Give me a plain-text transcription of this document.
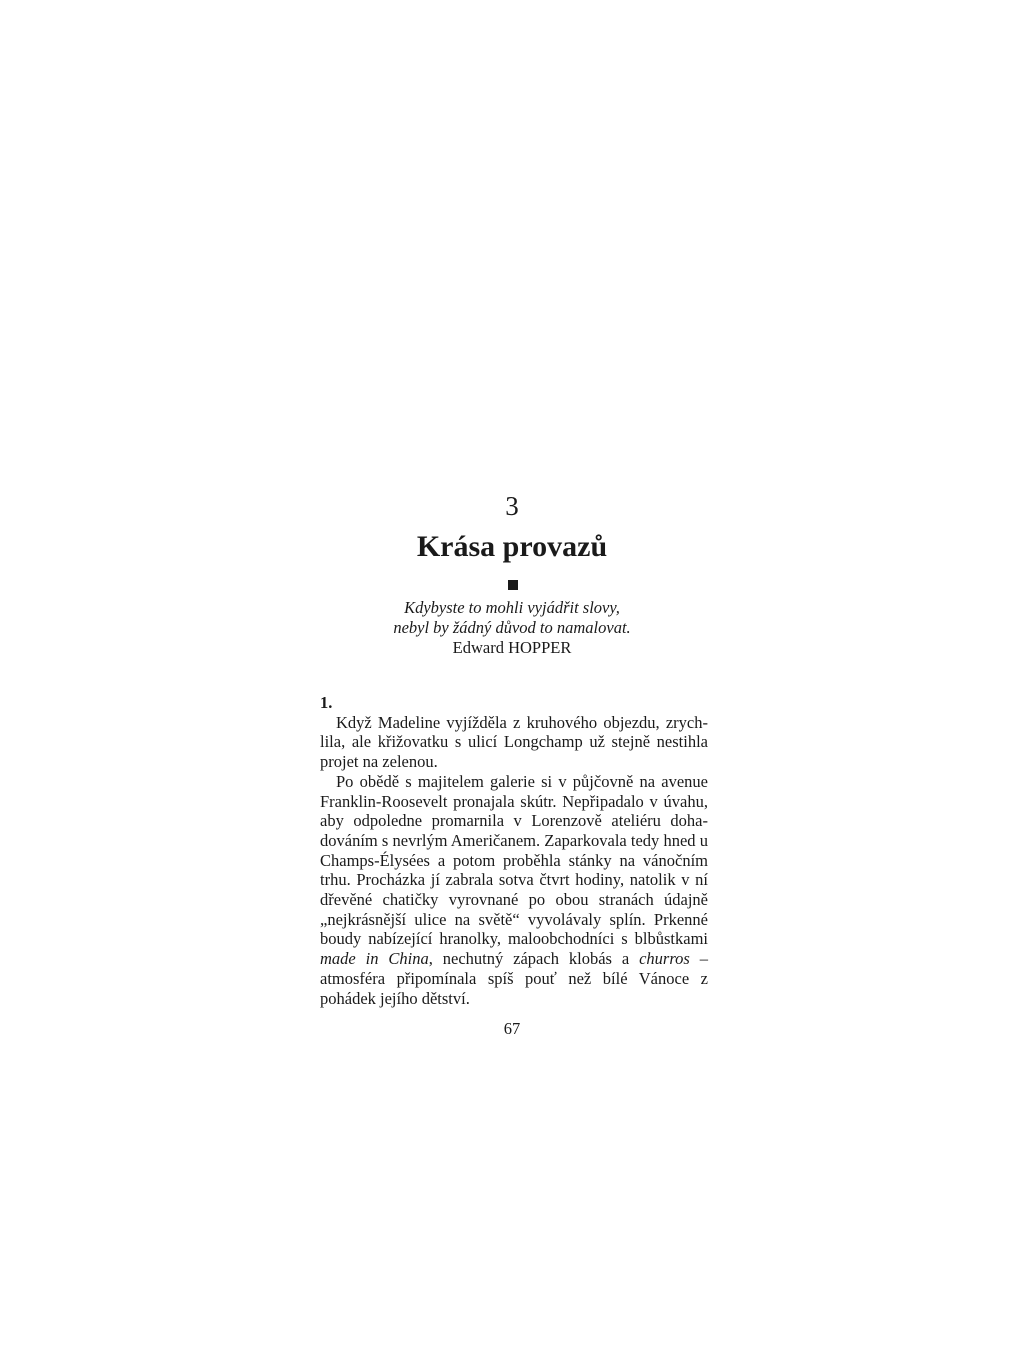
3
Krása provazů
Kdybyste to mohli vyjádřit slovy,
nebyl by žádný důvod to namalovat.
Edward HOPPER

1.

Když Madeline vyjížděla z kruhového objezdu, zrychlila, ale křižovatku s ulicí Longchamp už stejně nestihla projet na zelenou.

Po obědě s majitelem galerie si v půjčovně na avenue Franklin-Roosevelt pronajala skútr. Nepřipadalo v úvahu, aby odpoledne promarnila v Lorenzově ateliéru dohadováním s nevrlým Američanem. Zaparkovala tedy hned u Champs-Élysées a potom proběhla stánky na vánočním trhu. Procházka jí zabrala sotva čtvrt hodiny, natolik v ní dřevěné chatičky vyrovnané po obou stranách údajně „nejkrásnější ulice na světě“ vyvolávaly splín. Prkenné boudy nabízející hranolky, maloobchodníci s blbůstkami made in China, nechutný zápach klobás a churros – atmosféra připomínala spíš pouť než bílé Vánoce z pohádek jejího dětství.

67
